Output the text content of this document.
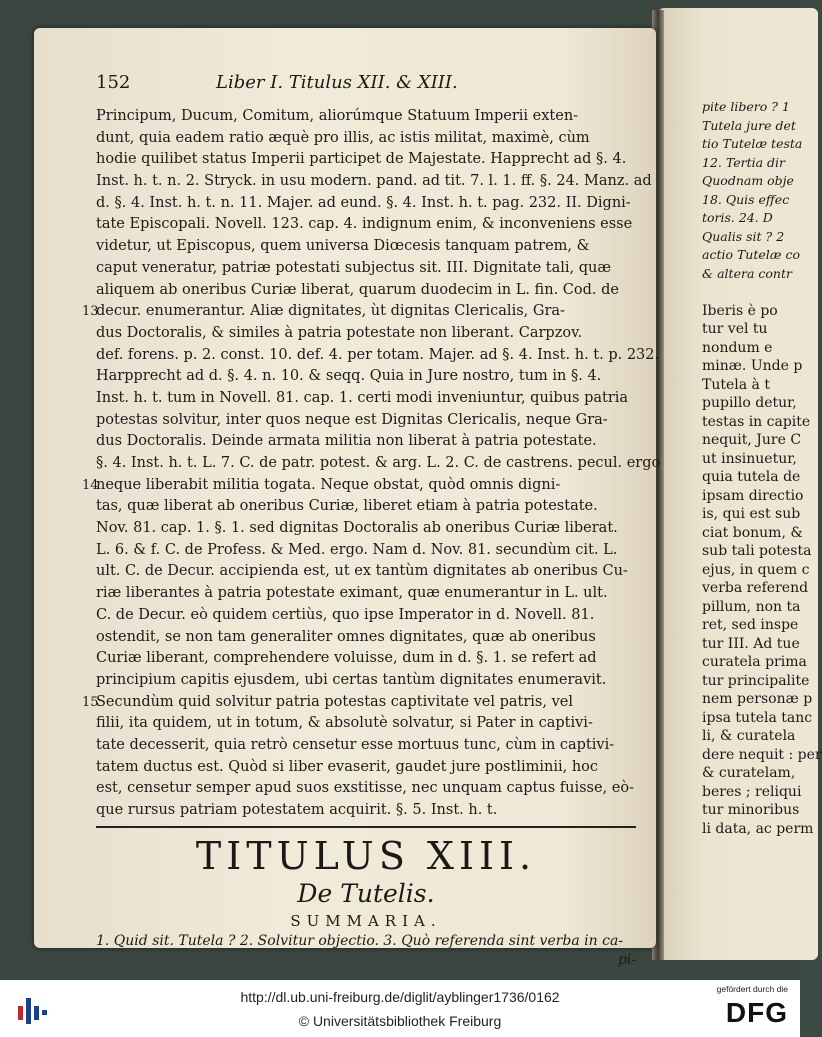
152	Liber I. Titulus XII. & XIII.
Principum, Ducum, Comitum, aliorúmque Statuum Imperii exten-
dunt, quia eadem ratio æquè pro illis, ac istis militat, maximè, cùm
hodie quilibet status Imperii participet de Majestate. Happrecht ad §. 4.
Inst. h. t. n. 2. Stryck. in usu modern. pand. ad tit. 7. l. 1. ff. §. 24. Manz. ad
d. §. 4. Inst. h. t. n. 11. Majer. ad eund. §. 4. Inst. h. t. pag. 232. II. Digni-
tate Episcopali. Novell. 123. cap. 4. indignum enim, & inconveniens esse
videtur, ut Episcopus, quem universa Diœcesis tanquam patrem, &
caput veneratur, patriæ potestati subjectus sit. III. Dignitate tali, quæ
aliquem ab oneribus Curiæ liberat, quarum duodecim in L. fin. Cod. de
13
decur. enumerantur. Aliæ dignitates, ùt dignitas Clericalis, Gra-
dus Doctoralis, & similes à patria potestate non liberant. Carpzov.
def. forens. p. 2. const. 10. def. 4. per totam. Majer. ad §. 4. Inst. h. t. p. 232.
Harpprecht ad d. §. 4. n. 10. & seqq. Quia in Jure nostro, tum in §. 4.
Inst. h. t. tum in Novell. 81. cap. 1. certi modi inveniuntur, quibus patria
potestas solvitur, inter quos neque est Dignitas Clericalis, neque Gra-
dus Doctoralis. Deinde armata militia non liberat à patria potestate.
§. 4. Inst. h. t. L. 7. C. de patr. potest. & arg. L. 2. C. de castrens. pecul. ergo
14
neque liberabit militia togata. Neque obstat, quòd omnis digni-
tas, quæ liberat ab oneribus Curiæ, liberet etiam à patria potestate.
Nov. 81. cap. 1. §. 1. sed dignitas Doctoralis ab oneribus Curiæ liberat.
L. 6. & f. C. de Profess. & Med. ergo. Nam d. Nov. 81. secundùm cit. L.
ult. C. de Decur. accipienda est, ut ex tantùm dignitates ab oneribus Cu-
riæ liberantes à patria potestate eximant, quæ enumerantur in L. ult.
C. de Decur. eò quidem certiùs, quo ipse Imperator in d. Novell. 81.
ostendit, se non tam generaliter omnes dignitates, quæ ab oneribus
Curiæ liberant, comprehendere voluisse, dum in d. §. 1. se refert ad
principium capitis ejusdem, ubi certas tantùm dignitates enumeravit.
15
Secundùm quid solvitur patria potestas captivitate vel patris, vel
filii, ita quidem, ut in totum, & absolutè solvatur, si Pater in captivi-
tate decesserit, quia retrò censetur esse mortuus tunc, cùm in captivi-
tatem ductus est. Quòd si liber evaserit, gaudet jure postliminii, hoc
est, censetur semper apud suos exstitisse, nec unquam captus fuisse, eò-
que rursus patriam potestatem acquirit. §. 5. Inst. h. t.
TITULUS XIII.
De Tutelis.
SUMMARIA.
1. Quid sit. Tutela ? 2. Solvitur objectio. 3. Quò referenda sint verba in ca-
pi-
pite libero ? 1
Tutela jure det
tio Tutelæ testa
12. Tertia dir
Quodnam obje
18. Quis effec
toris. 24. D
Qualis sit ? 2
actio Tutelæ co
& altera contr
Iberis è po
tur vel tu
nondum e
minæ. Unde p
Tutela à t
pupillo detur,
testas in capite
nequit, Jure C
ut insinuetur,
quia tutela de
ipsam directio
is, qui est sub
ciat bonum, &
sub tali potesta
ejus, in quem c
verba referend
pillum, non ta
ret, sed inspe
tur III. Ad tue
curatela prima
tur principalite
nem personæ p
ipsa tutela tanc
li, & curatela
dere nequit : per
& curatelam,
beres ; reliqui
tur minoribus
li data, ac perm
http://dl.ub.uni-freiburg.de/diglit/ayblinger1736/0162
© Universitätsbibliothek Freiburg
gefördert durch die
DFG
